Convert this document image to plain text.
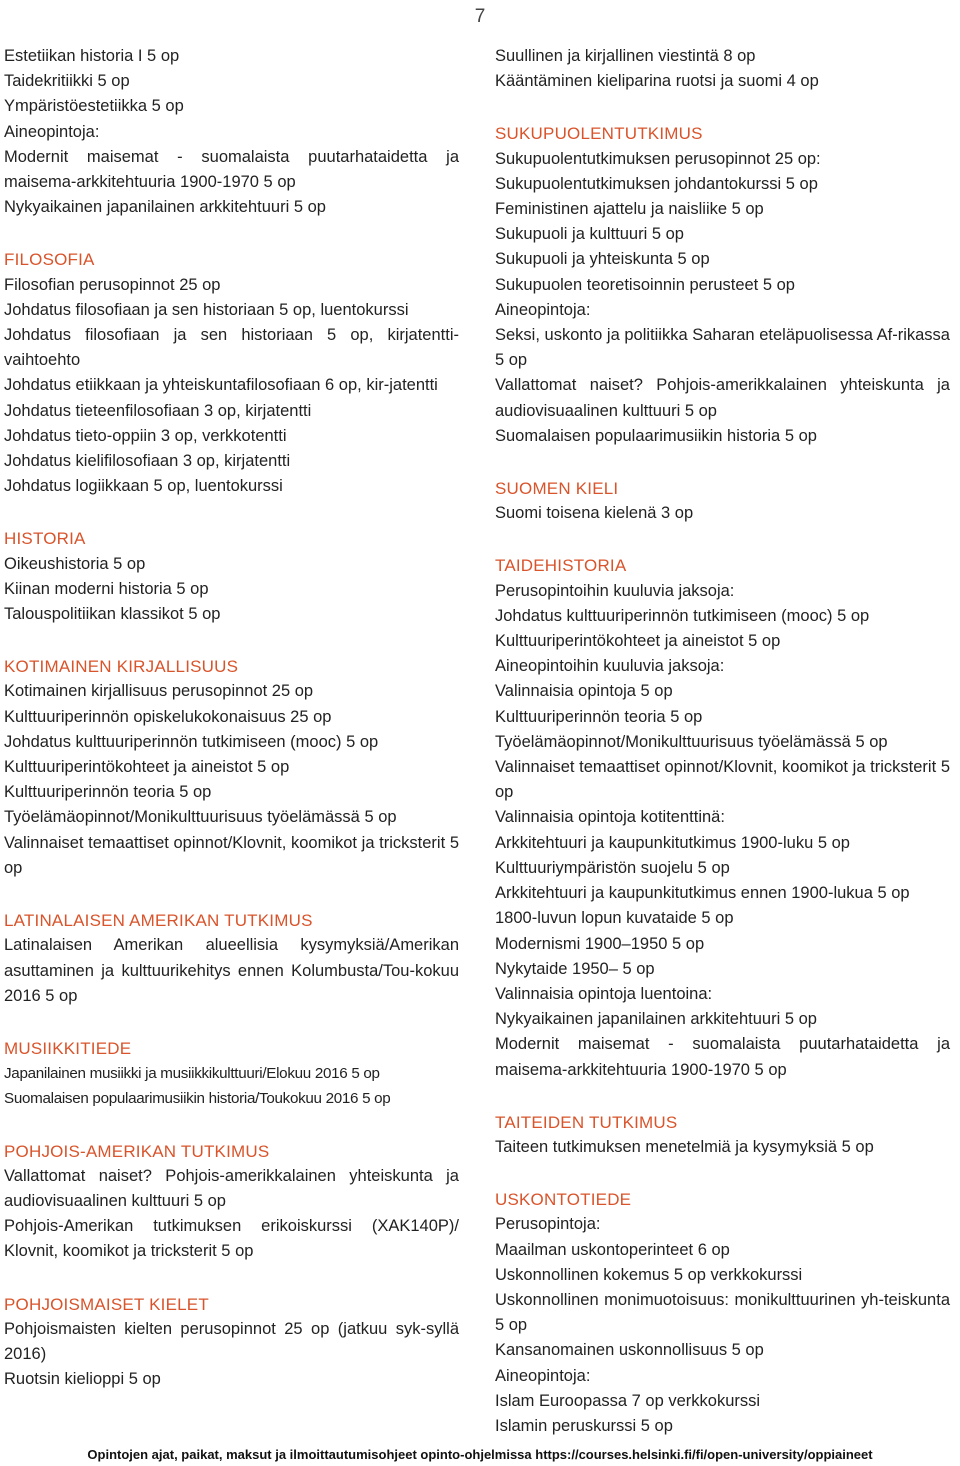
7
Estetiikan historia I 5 op
Taidekritiikki 5 op
Ympäristöestetiikka 5 op
Aineopintoja:
Modernit maisemat - suomalaista puutarhataidetta ja maisema-arkkitehtuuria 1900-1970 5 op
Nykyaikainen japanilainen arkkitehtuuri 5 op
FILOSOFIA
Filosofian perusopinnot 25 op
Johdatus filosofiaan ja sen historiaan 5 op, luentokurssi
Johdatus filosofiaan ja sen historiaan 5 op, kirjatentti-vaihtoehto
Johdatus etiikkaan ja yhteiskuntafilosofiaan 6 op, kir-jatentti
Johdatus tieteenfilosofiaan 3 op, kirjatentti
Johdatus tieto-oppiin 3 op, verkkotentti
Johdatus kielifilosofiaan 3 op, kirjatentti
Johdatus logiikkaan 5 op, luentokurssi
HISTORIA
Oikeushistoria 5 op
Kiinan moderni historia 5 op
Talouspolitiikan klassikot 5 op
KOTIMAINEN KIRJALLISUUS
Kotimainen kirjallisuus perusopinnot 25 op
Kulttuuriperinnön opiskelukokonaisuus 25 op
Johdatus kulttuuriperinnön tutkimiseen (mooc) 5 op
Kulttuuriperintökohteet ja aineistot 5 op
Kulttuuriperinnön teoria 5 op
Työelämäopinnot/Monikulttuurisuus työelämässä 5 op
Valinnaiset temaattiset opinnot/Klovnit, koomikot ja tricksterit 5 op
LATINALAISEN AMERIKAN TUTKIMUS
Latinalaisen Amerikan alueellisia kysymyksiä/Amerikan asuttaminen ja kulttuurikehitys ennen Kolumbusta/Tou-kokuu 2016 5 op
MUSIIKKITIEDE
Japanilainen musiikki ja musiikkikulttuuri/Elokuu 2016 5 op
Suomalaisen populaarimusiikin historia/Toukokuu 2016 5 op
POHJOIS-AMERIKAN TUTKIMUS
Vallattomat naiset? Pohjois-amerikkalainen yhteiskunta ja audiovisuaalinen kulttuuri 5 op
Pohjois-Amerikan tutkimuksen erikoiskurssi (XAK140P)/ Klovnit, koomikot ja tricksterit 5 op
POHJOISMAISET KIELET
Pohjoismaisten kielten perusopinnot 25 op (jatkuu syk-syllä 2016)
Ruotsin kielioppi 5 op
Suullinen ja kirjallinen viestintä 8 op
Kääntäminen kieliparina ruotsi ja suomi 4 op
SUKUPUOLENTUTKIMUS
Sukupuolentutkimuksen perusopinnot 25 op:
Sukupuolentutkimuksen johdantokurssi 5 op
Feministinen ajattelu ja naisliike 5 op
Sukupuoli ja kulttuuri 5 op
Sukupuoli ja yhteiskunta 5 op
Sukupuolen teoretisoinnin perusteet 5 op
Aineopintoja:
Seksi, uskonto ja politiikka Saharan eteläpuolisessa Af-rikassa 5 op
Vallattomat naiset? Pohjois-amerikkalainen yhteiskunta ja audiovisuaalinen kulttuuri 5 op
Suomalaisen populaarimusiikin historia 5 op
SUOMEN KIELI
Suomi toisena kielenä 3 op
TAIDEHISTORIA
Perusopintoihin kuuluvia jaksoja:
Johdatus kulttuuriperinnön tutkimiseen (mooc) 5 op
Kulttuuriperintökohteet ja aineistot 5 op
Aineopintoihin kuuluvia jaksoja:
Valinnaisia opintoja 5 op
Kulttuuriperinnön teoria 5 op
Työelämäopinnot/Monikulttuurisuus työelämässä 5 op
Valinnaiset temaattiset opinnot/Klovnit, koomikot ja tricksterit 5 op
Valinnaisia opintoja kotitenttinä:
Arkkitehtuuri ja kaupunkitutkimus 1900-luku 5 op
Kulttuuriympäristön suojelu 5 op
Arkkitehtuuri ja kaupunkitutkimus ennen 1900-lukua 5 op
1800-luvun lopun kuvataide 5 op
Modernismi 1900–1950 5 op
Nykytaide 1950– 5 op
Valinnaisia opintoja luentoina:
Nykyaikainen japanilainen arkkitehtuuri 5 op
Modernit maisemat - suomalaista puutarhataidetta ja maisema-arkkitehtuuria 1900-1970 5 op
TAITEIDEN TUTKIMUS
Taiteen tutkimuksen menetelmiä ja kysymyksiä 5 op
USKONTOTIEDE
Perusopintoja:
Maailman uskontoperinteet 6 op
Uskonnollinen kokemus 5 op verkkokurssi
Uskonnollinen monimuotoisuus: monikulttuurinen yh-teiskunta 5 op
Kansanomainen uskonnollisuus 5 op
Aineopintoja:
Islam Euroopassa 7 op verkkokurssi
Islamin peruskurssi 5 op
Opintojen ajat, paikat, maksut ja ilmoittautumisohjeet opinto-ohjelmissa https://courses.helsinki.fi/fi/open-university/oppiaineet
